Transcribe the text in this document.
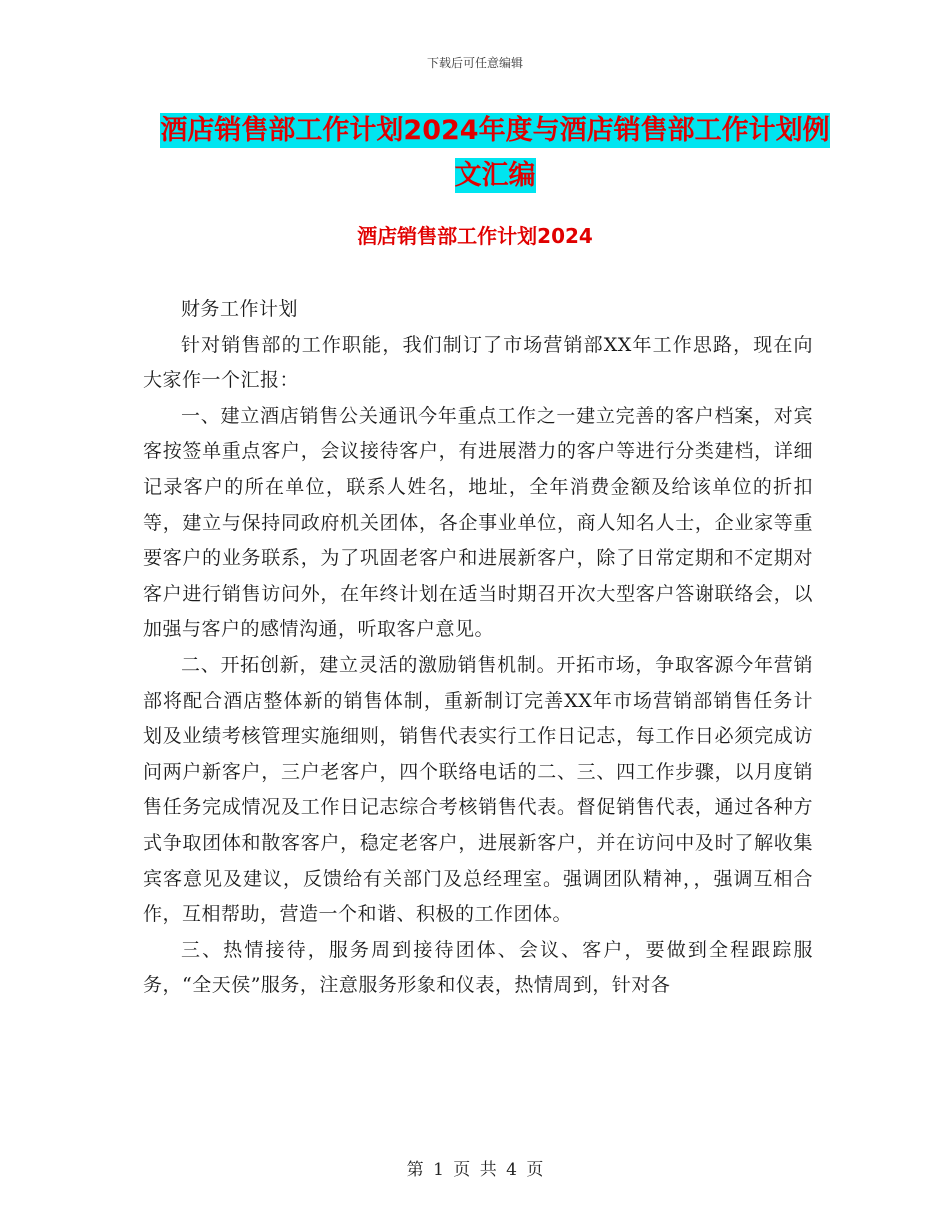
下载后可任意编辑
酒店销售部工作计划2024年度与酒店销售部工作计划例文汇编
酒店销售部工作计划2024

财务工作计划

针对销售部的工作职能，我们制订了市场营销部XX年工作思路，现在向大家作一个汇报：

一、建立酒店销售公关通讯今年重点工作之一建立完善的客户档案，对宾客按签单重点客户，会议接待客户，有进展潜力的客户等进行分类建档，详细记录客户的所在单位，联系人姓名，地址，全年消费金额及给该单位的折扣等，建立与保持同政府机关团体，各企事业单位，商人知名人士，企业家等重要客户的业务联系，为了巩固老客户和进展新客户，除了日常定期和不定期对客户进行销售访问外，在年终计划在适当时期召开次大型客户答谢联络会，以加强与客户的感情沟通，听取客户意见。

二、开拓创新，建立灵活的激励销售机制。开拓市场，争取客源今年营销部将配合酒店整体新的销售体制，重新制订完善XX年市场营销部销售任务计划及业绩考核管理实施细则，销售代表实行工作日记志，每工作日必须完成访问两户新客户，三户老客户，四个联络电话的二、三、四工作步骤，以月度销售任务完成情况及工作日记志综合考核销售代表。督促销售代表，通过各种方式争取团体和散客客户，稳定老客户，进展新客户，并在访问中及时了解收集宾客意见及建议，反馈给有关部门及总经理室。强调团队精神，，强调互相合作，互相帮助，营造一个和谐、积极的工作团体。

三、热情接待，服务周到接待团体、会议、客户，要做到全程跟踪服务，“全天侯”服务，注意服务形象和仪表，热情周到，针对各

第 1 页 共 4 页
